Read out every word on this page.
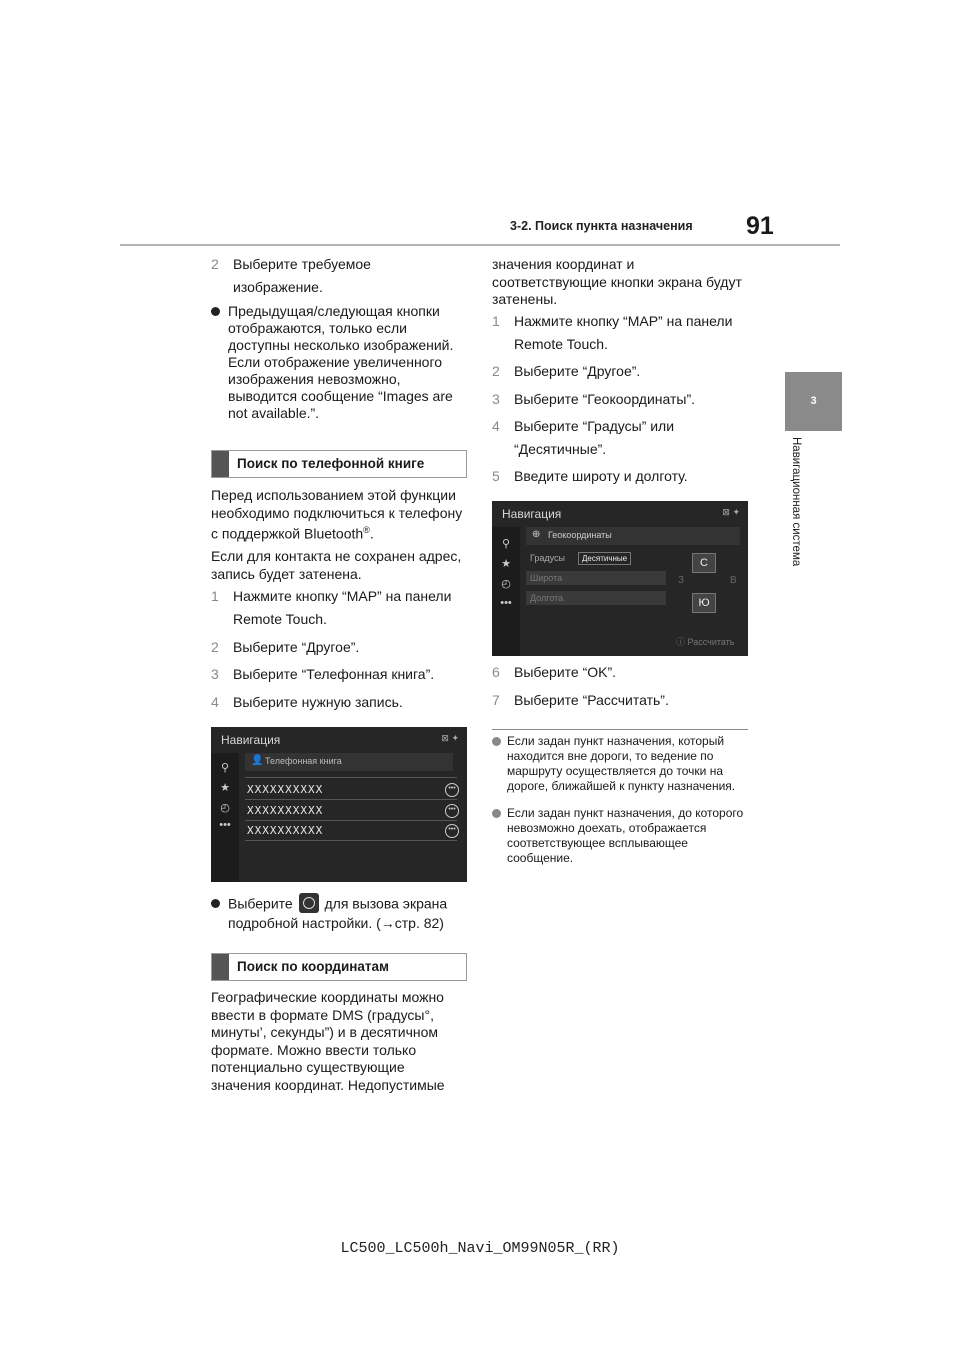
3-2. Поиск пункта назначения 91
3
Навигационная система
2 Выберите требуемое
изображение.
Предыдущая/следующая кнопки отображаются, только если доступны несколько изображений. Если отображение увеличенного изображения невозможно, выводится сообщение “Images are not available.”.
Поиск по телефонной книге
Перед использованием этой функции необходимо подключиться к телефону с поддержкой Bluetooth®.
Если для контакта не сохранен адрес, запись будет затенена.
1 Нажмите кнопку “MAP” на панели
Remote Touch.
2 Выберите “Другое”.
3 Выберите “Телефонная книга”.
4 Выберите нужную запись.
Навигация	⊠ ✦
⚲
★
◴
•••
👤 Телефонная книга
XXXXXXXXXX	•••
XXXXXXXXXX	•••
XXXXXXXXXX	•••
Выберите для вызова экрана подробной настройки. (→стр. 82)
Поиск по координатам
Географические координаты можно ввести в формате DMS (градусы°, минуты’, секунды”) и в десятичном формате. Можно ввести только потенциально существующие значения координат. Недопустимые
значения координат и соответствующие кнопки экрана будут затенены.
1 Нажмите кнопку “MAP” на панели
Remote Touch.
2 Выберите “Другое”.
3 Выберите “Геокоординаты”.
4 Выберите “Градусы” или
“Десятичные”.
5 Введите широту и долготу.
Навигация	⊠ ✦
⚲
★
◴
•••
⊕ Геокоординаты
Градусы	Десятичные
Широта
Долгота
С
З	В
Ю
ⓘ Рассчитать
6 Выберите “OK”.
7 Выберите “Рассчитать”.
Если задан пункт назначения, который находится вне дороги, то ведение по маршруту осуществляется до точки на дороге, ближайшей к пункту назначения.
Если задан пункт назначения, до которого невозможно доехать, отображается соответствующее всплывающее сообщение.
LC500_LC500h_Navi_OM99N05R_(RR)
